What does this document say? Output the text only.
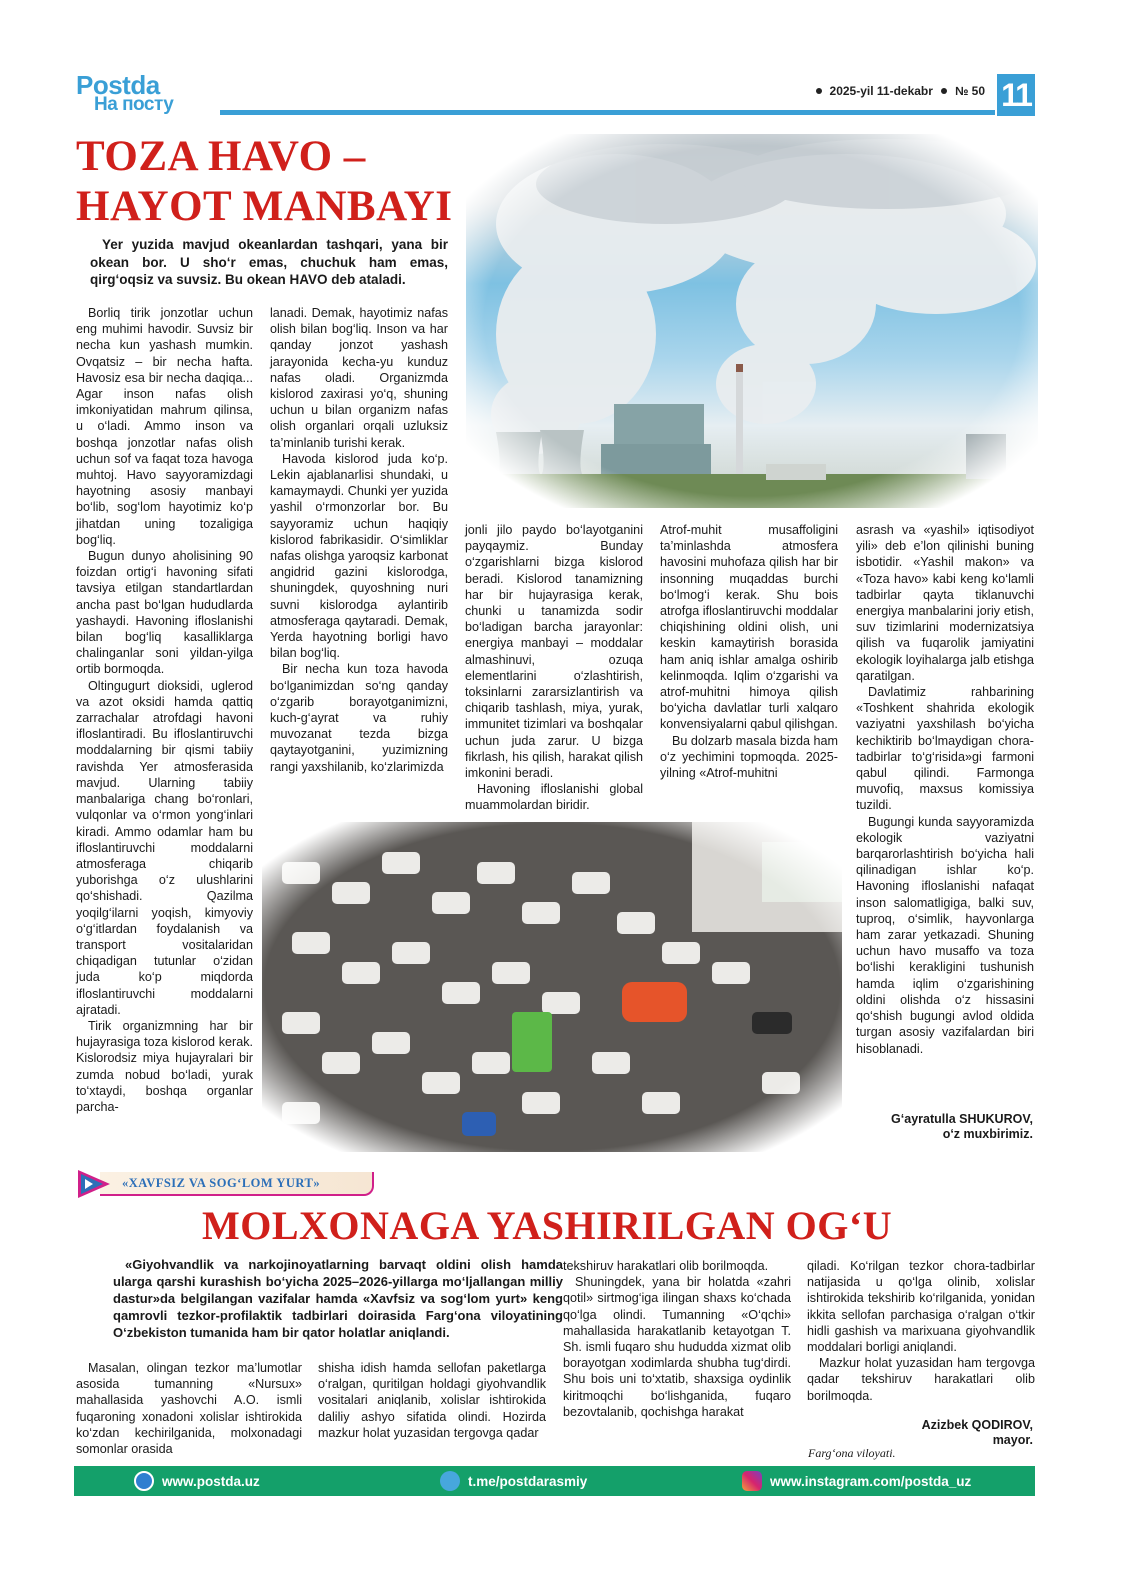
Postda
На посту
2025-yil 11-dekabr № 50 11
TOZA HAVO –
HAYOT MANBAYI
Yer yuzida mavjud okeanlardan tashqari, yana bir okean bor. U sho‘r emas, chuchuk ham emas, qirg‘oqsiz va suvsiz. Bu okean HAVO deb ataladi.

Borliq tirik jonzotlar uchun eng muhimi havodir. Suvsiz bir necha kun yashash mumkin. Ovqatsiz – bir necha hafta. Havosiz esa bir necha daqiqa... Agar inson nafas olish imkoniyatidan mahrum qilinsa, u o‘ladi. Ammo inson va boshqa jonzotlar nafas olish uchun sof va faqat toza havoga muhtoj. Havo sayyoramizdagi hayotning asosiy manbayi bo‘lib, sog‘lom hayotimiz ko‘p jihatdan uning tozaligiga bog‘liq.

Bugun dunyo aholisining 90 foizdan ortig‘i havoning sifati tavsiya etilgan standartlardan ancha past bo‘lgan hududlarda yashaydi. Havoning ifloslanishi bilan bog‘liq kasalliklarga chalinganlar soni yildan-yilga ortib bormoqda.

Oltingugurt dioksidi, uglerod va azot oksidi hamda qattiq zarrachalar atrofdagi havoni ifloslantiradi. Bu ifloslantiruvchi moddalarning bir qismi tabiiy ravishda Yer atmosferasida mavjud. Ularning tabiiy manbalariga chang bo‘ronlari, vulqonlar va o‘rmon yong‘inlari kiradi. Ammo odamlar ham bu ifloslantiruvchi moddalarni atmosferaga chiqarib yuborishga o‘z ulushlarini qo‘shishadi. Qazilma yoqilg‘ilarni yoqish, kimyoviy o‘g‘itlardan foydalanish va transport vositalaridan chiqadigan tutunlar o‘zidan juda ko‘p miqdorda ifloslantiruvchi moddalarni ajratadi.

Tirik organizmning har bir hujayrasiga toza kislorod kerak. Kislorodsiz miya hujayralari bir zumda nobud bo‘ladi, yurak to‘xtaydi, boshqa organlar parcha-

lanadi. Demak, hayotimiz nafas olish bilan bog‘liq. Inson va har qanday jonzot yashash jarayonida kecha-yu kunduz nafas oladi. Organizmda kislorod zaxirasi yo‘q, shuning uchun u bilan organizm nafas olish organlari orqali uzluksiz ta’minlanib turishi kerak.

Havoda kislorod juda ko‘p. Lekin ajablanarlisi shundaki, u kamaymaydi. Chunki yer yuzida yashil o‘rmonzorlar bor. Bu sayyoramiz uchun haqiqiy kislorod fabrikasidir. O‘simliklar nafas olishga yaroqsiz karbonat angidrid gazini kislorodga, shuningdek, quyoshning nuri suvni kislorodga aylantirib atmosferaga qaytaradi. Demak, Yerda hayotning borligi havo bilan bog‘liq.

Bir necha kun toza havoda bo‘lganimizdan so‘ng qanday o‘zgarib borayotganimizni, kuch-g‘ayrat va ruhiy muvozanat tezda bizga qaytayotganini, yuzimizning rangi yaxshilanib, ko‘zlarimizda

jonli jilo paydo bo‘layotganini payqaymiz. Bunday o‘zgarishlarni bizga kislorod beradi. Kislorod tanamizning har bir hujayrasiga kerak, chunki u tanamizda sodir bo‘ladigan barcha jarayonlar: energiya manbayi – moddalar almashinuvi, ozuqa elementlarini o‘zlashtirish, toksinlarni zararsizlantirish va chiqarib tashlash, miya, yurak, immunitet tizimlari va boshqalar uchun juda zarur. U bizga fikrlash, his qilish, harakat qilish imkonini beradi.

Havoning ifloslanishi global muammolardan biridir.

Atrof-muhit musaffoligini ta’minlashda atmosfera havosini muhofaza qilish har bir insonning muqaddas burchi bo‘lmog‘i kerak. Shu bois atrofga ifloslantiruvchi moddalar chiqishining oldini olish, uni keskin kamaytirish borasida ham aniq ishlar amalga oshirib kelinmoqda. Iqlim o‘zgarishi va atrof-muhitni himoya qilish bo‘yicha davlatlar turli xalqaro konvensiyalarni qabul qilishgan.

Bu dolzarb masala bizda ham o‘z yechimini topmoqda. 2025-yilning «Atrof-muhitni

asrash va «yashil» iqtisodiyot yili» deb e’lon qilinishi buning isbotidir. «Yashil makon» va «Toza havo» kabi keng ko‘lamli tadbirlar qayta tiklanuvchi energiya manbalarini joriy etish, suv tizimlarini modernizatsiya qilish va fuqarolik jamiyatini ekologik loyihalarga jalb etishga qaratilgan.

Davlatimiz rahbarining «Toshkent shahrida ekologik vaziyatni yaxshilash bo‘yicha kechiktirib bo‘lmaydigan chora-tadbirlar to‘g‘risida»gi farmoni qabul qilindi. Farmonga muvofiq, maxsus komissiya tuzildi.

Bugungi kunda sayyoramizda ekologik vaziyatni barqarorlashtirish bo‘yicha hali qilinadigan ishlar ko‘p. Havoning ifloslanishi nafaqat inson salomatligiga, balki suv, tuproq, o‘simlik, hayvonlarga ham zarar yetkazadi. Shuning uchun havo musaffo va toza bo‘lishi kerakligini tushunish hamda iqlim o‘zgarishining oldini olishda o‘z hissasini qo‘shish bugungi avlod oldida turgan asosiy vazifalardan biri hisoblanadi.

G‘ayratulla SHUKUROV,
o‘z muxbirimiz.
«XAVFSIZ VA SOG‘LOM YURT»
MOLXONAGA YASHIRILGAN OG‘U
«Giyohvandlik va narkojinoyatlarning barvaqt oldini olish hamda ularga qarshi kurashish bo‘yicha 2025–2026-yillarga mo‘ljallangan milliy dastur»da belgilangan vazifalar hamda «Xavfsiz va sog‘lom yurt» keng qamrovli tezkor-profilaktik tadbirlari doirasida Farg‘ona viloyatining O‘zbekiston tumanida ham bir qator holatlar aniqlandi.

Masalan, olingan tezkor ma’lumotlar asosida tumanning «Nursux» mahallasida yashovchi A.O. ismli fuqaroning xonadoni xolislar ishtirokida ko‘zdan kechirilganida, molxonadagi somonlar orasida

shisha idish hamda sellofan paketlarga o‘ralgan, quritilgan holdagi giyohvandlik vositalari aniqlanib, xolislar ishtirokida daliliy ashyo sifatida olindi. Hozirda mazkur holat yuzasidan tergovga qadar

tekshiruv harakatlari olib borilmoqda.

Shuningdek, yana bir holatda «zahri qotil» sirtmog‘iga ilingan shaxs ko‘chada qo‘lga olindi. Tumanning «O‘qchi» mahallasida harakatlanib ketayotgan T. Sh. ismli fuqaro shu hududda xizmat olib borayotgan xodimlarda shubha tug‘dirdi. Shu bois uni to‘xtatib, shaxsiga oydinlik kiritmoqchi bo‘lishganida, fuqaro bezovtalanib, qochishga harakat

qiladi. Ko‘rilgan tezkor chora-tadbirlar natijasida u qo‘lga olinib, xolislar ishtirokida tekshirib ko‘rilganida, yonidan ikkita sellofan parchasiga o‘ralgan o‘tkir hidli gashish va marixuana giyohvandlik moddalari borligi aniqlandi.

Mazkur holat yuzasidan ham tergovga qadar tekshiruv harakatlari olib borilmoqda.

Azizbek QODIROV,
mayor.
Farg‘ona viloyati.
www.postda.uz	t.me/postdarasmiy	www.instagram.com/postda_uz
